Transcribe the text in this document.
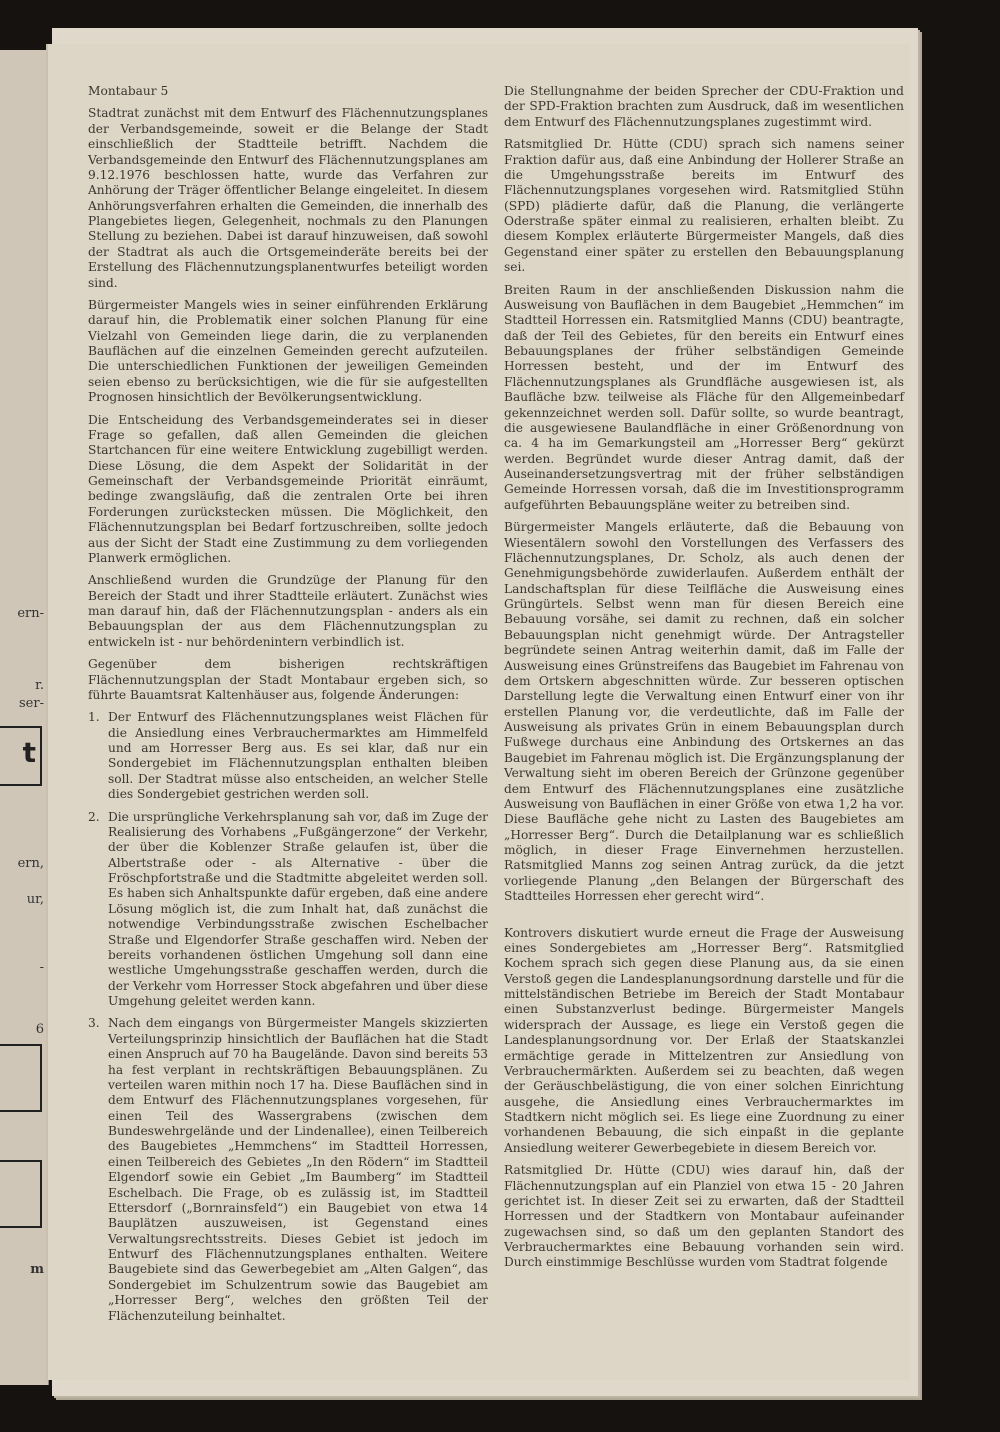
ern-
r.
ser-
t
ern,
ur,
-
6
m

Montabaur 5

Stadtrat zunächst mit dem Entwurf des Flächennutzungsplanes der Verbandsgemeinde, soweit er die Belange der Stadt einschließlich der Stadtteile betrifft. Nachdem die Verbandsgemeinde den Entwurf des Flächennutzungsplanes am 9.12.1976 beschlossen hatte, wurde das Verfahren zur Anhörung der Träger öffentlicher Belange eingeleitet. In diesem Anhörungsverfahren erhalten die Gemeinden, die innerhalb des Plangebietes liegen, Gelegenheit, nochmals zu den Planungen Stellung zu beziehen. Dabei ist darauf hinzuweisen, daß sowohl der Stadtrat als auch die Ortsgemeinderäte bereits bei der Erstellung des Flächennutzungsplanentwurfes beteiligt worden sind.

Bürgermeister Mangels wies in seiner einführenden Erklärung darauf hin, die Problematik einer solchen Planung für eine Vielzahl von Gemeinden liege darin, die zu verplanenden Bauflächen auf die einzelnen Gemeinden gerecht aufzuteilen. Die unterschiedlichen Funktionen der jeweiligen Gemeinden seien ebenso zu berücksichtigen, wie die für sie aufgestellten Prognosen hinsichtlich der Bevölkerungsentwicklung.

Die Entscheidung des Verbandsgemeinderates sei in dieser Frage so gefallen, daß allen Gemeinden die gleichen Startchancen für eine weitere Entwicklung zugebilligt werden. Diese Lösung, die dem Aspekt der Solidarität in der Gemeinschaft der Verbandsgemeinde Priorität einräumt, bedinge zwangsläufig, daß die zentralen Orte bei ihren Forderungen zurückstecken müssen. Die Möglichkeit, den Flächennutzungsplan bei Bedarf fortzuschreiben, sollte jedoch aus der Sicht der Stadt eine Zustimmung zu dem vorliegenden Planwerk ermöglichen.

Anschließend wurden die Grundzüge der Planung für den Bereich der Stadt und ihrer Stadtteile erläutert. Zunächst wies man darauf hin, daß der Flächennutzungsplan - anders als ein Bebauungsplan der aus dem Flächennutzungsplan zu entwickeln ist - nur behördenintern verbindlich ist.

Gegenüber dem bisherigen rechtskräftigen Flächennutzungsplan der Stadt Montabaur ergeben sich, so führte Bauamtsrat Kaltenhäuser aus, folgende Änderungen:

1. Der Entwurf des Flächennutzungsplanes weist Flächen für die Ansiedlung eines Verbrauchermarktes am Himmelfeld und am Horresser Berg aus. Es sei klar, daß nur ein Sondergebiet im Flächennutzungsplan enthalten bleiben soll. Der Stadtrat müsse also entscheiden, an welcher Stelle dies Sondergebiet gestrichen werden soll.
2. Die ursprüngliche Verkehrsplanung sah vor, daß im Zuge der Realisierung des Vorhabens „Fußgängerzone“ der Verkehr, der über die Koblenzer Straße gelaufen ist, über die Albertstraße oder - als Alternative - über die Fröschpfortstraße und die Stadtmitte abgeleitet werden soll. Es haben sich Anhaltspunkte dafür ergeben, daß eine andere Lösung möglich ist, die zum Inhalt hat, daß zunächst die notwendige Verbindungsstraße zwischen Eschelbacher Straße und Elgendorfer Straße geschaffen wird. Neben der bereits vorhandenen östlichen Umgehung soll dann eine westliche Umgehungsstraße geschaffen werden, durch die der Verkehr vom Horresser Stock abgefahren und über diese Umgehung geleitet werden kann.
3. Nach dem eingangs von Bürgermeister Mangels skizzierten Verteilungsprinzip hinsichtlich der Bauflächen hat die Stadt einen Anspruch auf 70 ha Baugelände. Davon sind bereits 53 ha fest verplant in rechtskräftigen Bebauungsplänen. Zu verteilen waren mithin noch 17 ha. Diese Bauflächen sind in dem Entwurf des Flächennutzungsplanes vorgesehen, für einen Teil des Wassergrabens (zwischen dem Bundeswehrgelände und der Lindenallee), einen Teilbereich des Baugebietes „Hemmchens“ im Stadtteil Horressen, einen Teilbereich des Gebietes „In den Rödern“ im Stadtteil Elgendorf sowie ein Gebiet „Im Baumberg“ im Stadtteil Eschelbach. Die Frage, ob es zulässig ist, im Stadtteil Ettersdorf („Bornrainsfeld“) ein Baugebiet von etwa 14 Bauplätzen auszuweisen, ist Gegenstand eines Verwaltungsrechtsstreits. Dieses Gebiet ist jedoch im Entwurf des Flächennutzungsplanes enthalten. Weitere Baugebiete sind das Gewerbegebiet am „Alten Galgen“, das Sondergebiet im Schulzentrum sowie das Baugebiet am „Horresser Berg“, welches den größten Teil der Flächenzuteilung beinhaltet.

Die Stellungnahme der beiden Sprecher der CDU-Fraktion und der SPD-Fraktion brachten zum Ausdruck, daß im wesentlichen dem Entwurf des Flächennutzungsplanes zugestimmt wird.

Ratsmitglied Dr. Hütte (CDU) sprach sich namens seiner Fraktion dafür aus, daß eine Anbindung der Hollerer Straße an die Umgehungsstraße bereits im Entwurf des Flächennutzungsplanes vorgesehen wird. Ratsmitglied Stühn (SPD) plädierte dafür, daß die Planung, die verlängerte Oderstraße später einmal zu realisieren, erhalten bleibt. Zu diesem Komplex erläuterte Bürgermeister Mangels, daß dies Gegenstand einer später zu erstellen den Bebauungsplanung sei.

Breiten Raum in der anschließenden Diskussion nahm die Ausweisung von Bauflächen in dem Baugebiet „Hemmchen“ im Stadtteil Horressen ein. Ratsmitglied Manns (CDU) beantragte, daß der Teil des Gebietes, für den bereits ein Entwurf eines Bebauungsplanes der früher selbständigen Gemeinde Horressen besteht, und der im Entwurf des Flächennutzungsplanes als Grundfläche ausgewiesen ist, als Baufläche bzw. teilweise als Fläche für den Allgemeinbedarf gekennzeichnet werden soll. Dafür sollte, so wurde beantragt, die ausgewiesene Baulandfläche in einer Größenordnung von ca. 4 ha im Gemarkungsteil am „Horresser Berg“ gekürzt werden. Begründet wurde dieser Antrag damit, daß der Auseinandersetzungsvertrag mit der früher selbständigen Gemeinde Horressen vorsah, daß die im Investitionsprogramm aufgeführten Bebauungspläne weiter zu betreiben sind.

Bürgermeister Mangels erläuterte, daß die Bebauung von Wiesentälern sowohl den Vorstellungen des Verfassers des Flächennutzungsplanes, Dr. Scholz, als auch denen der Genehmigungsbehörde zuwiderlaufen. Außerdem enthält der Landschaftsplan für diese Teilfläche die Ausweisung eines Grüngürtels. Selbst wenn man für diesen Bereich eine Bebauung vorsähe, sei damit zu rechnen, daß ein solcher Bebauungsplan nicht genehmigt würde. Der Antragsteller begründete seinen Antrag weiterhin damit, daß im Falle der Ausweisung eines Grünstreifens das Baugebiet im Fahrenau von dem Ortskern abgeschnitten würde. Zur besseren optischen Darstellung legte die Verwaltung einen Entwurf einer von ihr erstellen Planung vor, die verdeutlichte, daß im Falle der Ausweisung als privates Grün in einem Bebauungsplan durch Fußwege durchaus eine Anbindung des Ortskernes an das Baugebiet im Fahrenau möglich ist. Die Ergänzungsplanung der Verwaltung sieht im oberen Bereich der Grünzone gegenüber dem Entwurf des Flächennutzungsplanes eine zusätzliche Ausweisung von Bauflächen in einer Größe von etwa 1,2 ha vor. Diese Baufläche gehe nicht zu Lasten des Baugebietes am „Horresser Berg“. Durch die Detailplanung war es schließlich möglich, in dieser Frage Einvernehmen herzustellen. Ratsmitglied Manns zog seinen Antrag zurück, da die jetzt vorliegende Planung „den Belangen der Bürgerschaft des Stadtteiles Horressen eher gerecht wird“.

Kontrovers diskutiert wurde erneut die Frage der Ausweisung eines Sondergebietes am „Horresser Berg“. Ratsmitglied Kochem sprach sich gegen diese Planung aus, da sie einen Verstoß gegen die Landesplanungsordnung darstelle und für die mittelständischen Betriebe im Bereich der Stadt Montabaur einen Substanzverlust bedinge. Bürgermeister Mangels widersprach der Aussage, es liege ein Verstoß gegen die Landesplanungsordnung vor. Der Erlaß der Staatskanzlei ermächtige gerade in Mittelzentren zur Ansiedlung von Verbrauchermärkten. Außerdem sei zu beachten, daß wegen der Geräuschbelästigung, die von einer solchen Einrichtung ausgehe, die Ansiedlung eines Verbrauchermarktes im Stadtkern nicht möglich sei. Es liege eine Zuordnung zu einer vorhandenen Bebauung, die sich einpaßt in die geplante Ansiedlung weiterer Gewerbegebiete in diesem Bereich vor.

Ratsmitglied Dr. Hütte (CDU) wies darauf hin, daß der Flächennutzungsplan auf ein Planziel von etwa 15 - 20 Jahren gerichtet ist. In dieser Zeit sei zu erwarten, daß der Stadtteil Horressen und der Stadtkern von Montabaur aufeinander zugewachsen sind, so daß um den geplanten Standort des Verbrauchermarktes eine Bebauung vorhanden sein wird. Durch einstimmige Beschlüsse wurden vom Stadtrat folgende
